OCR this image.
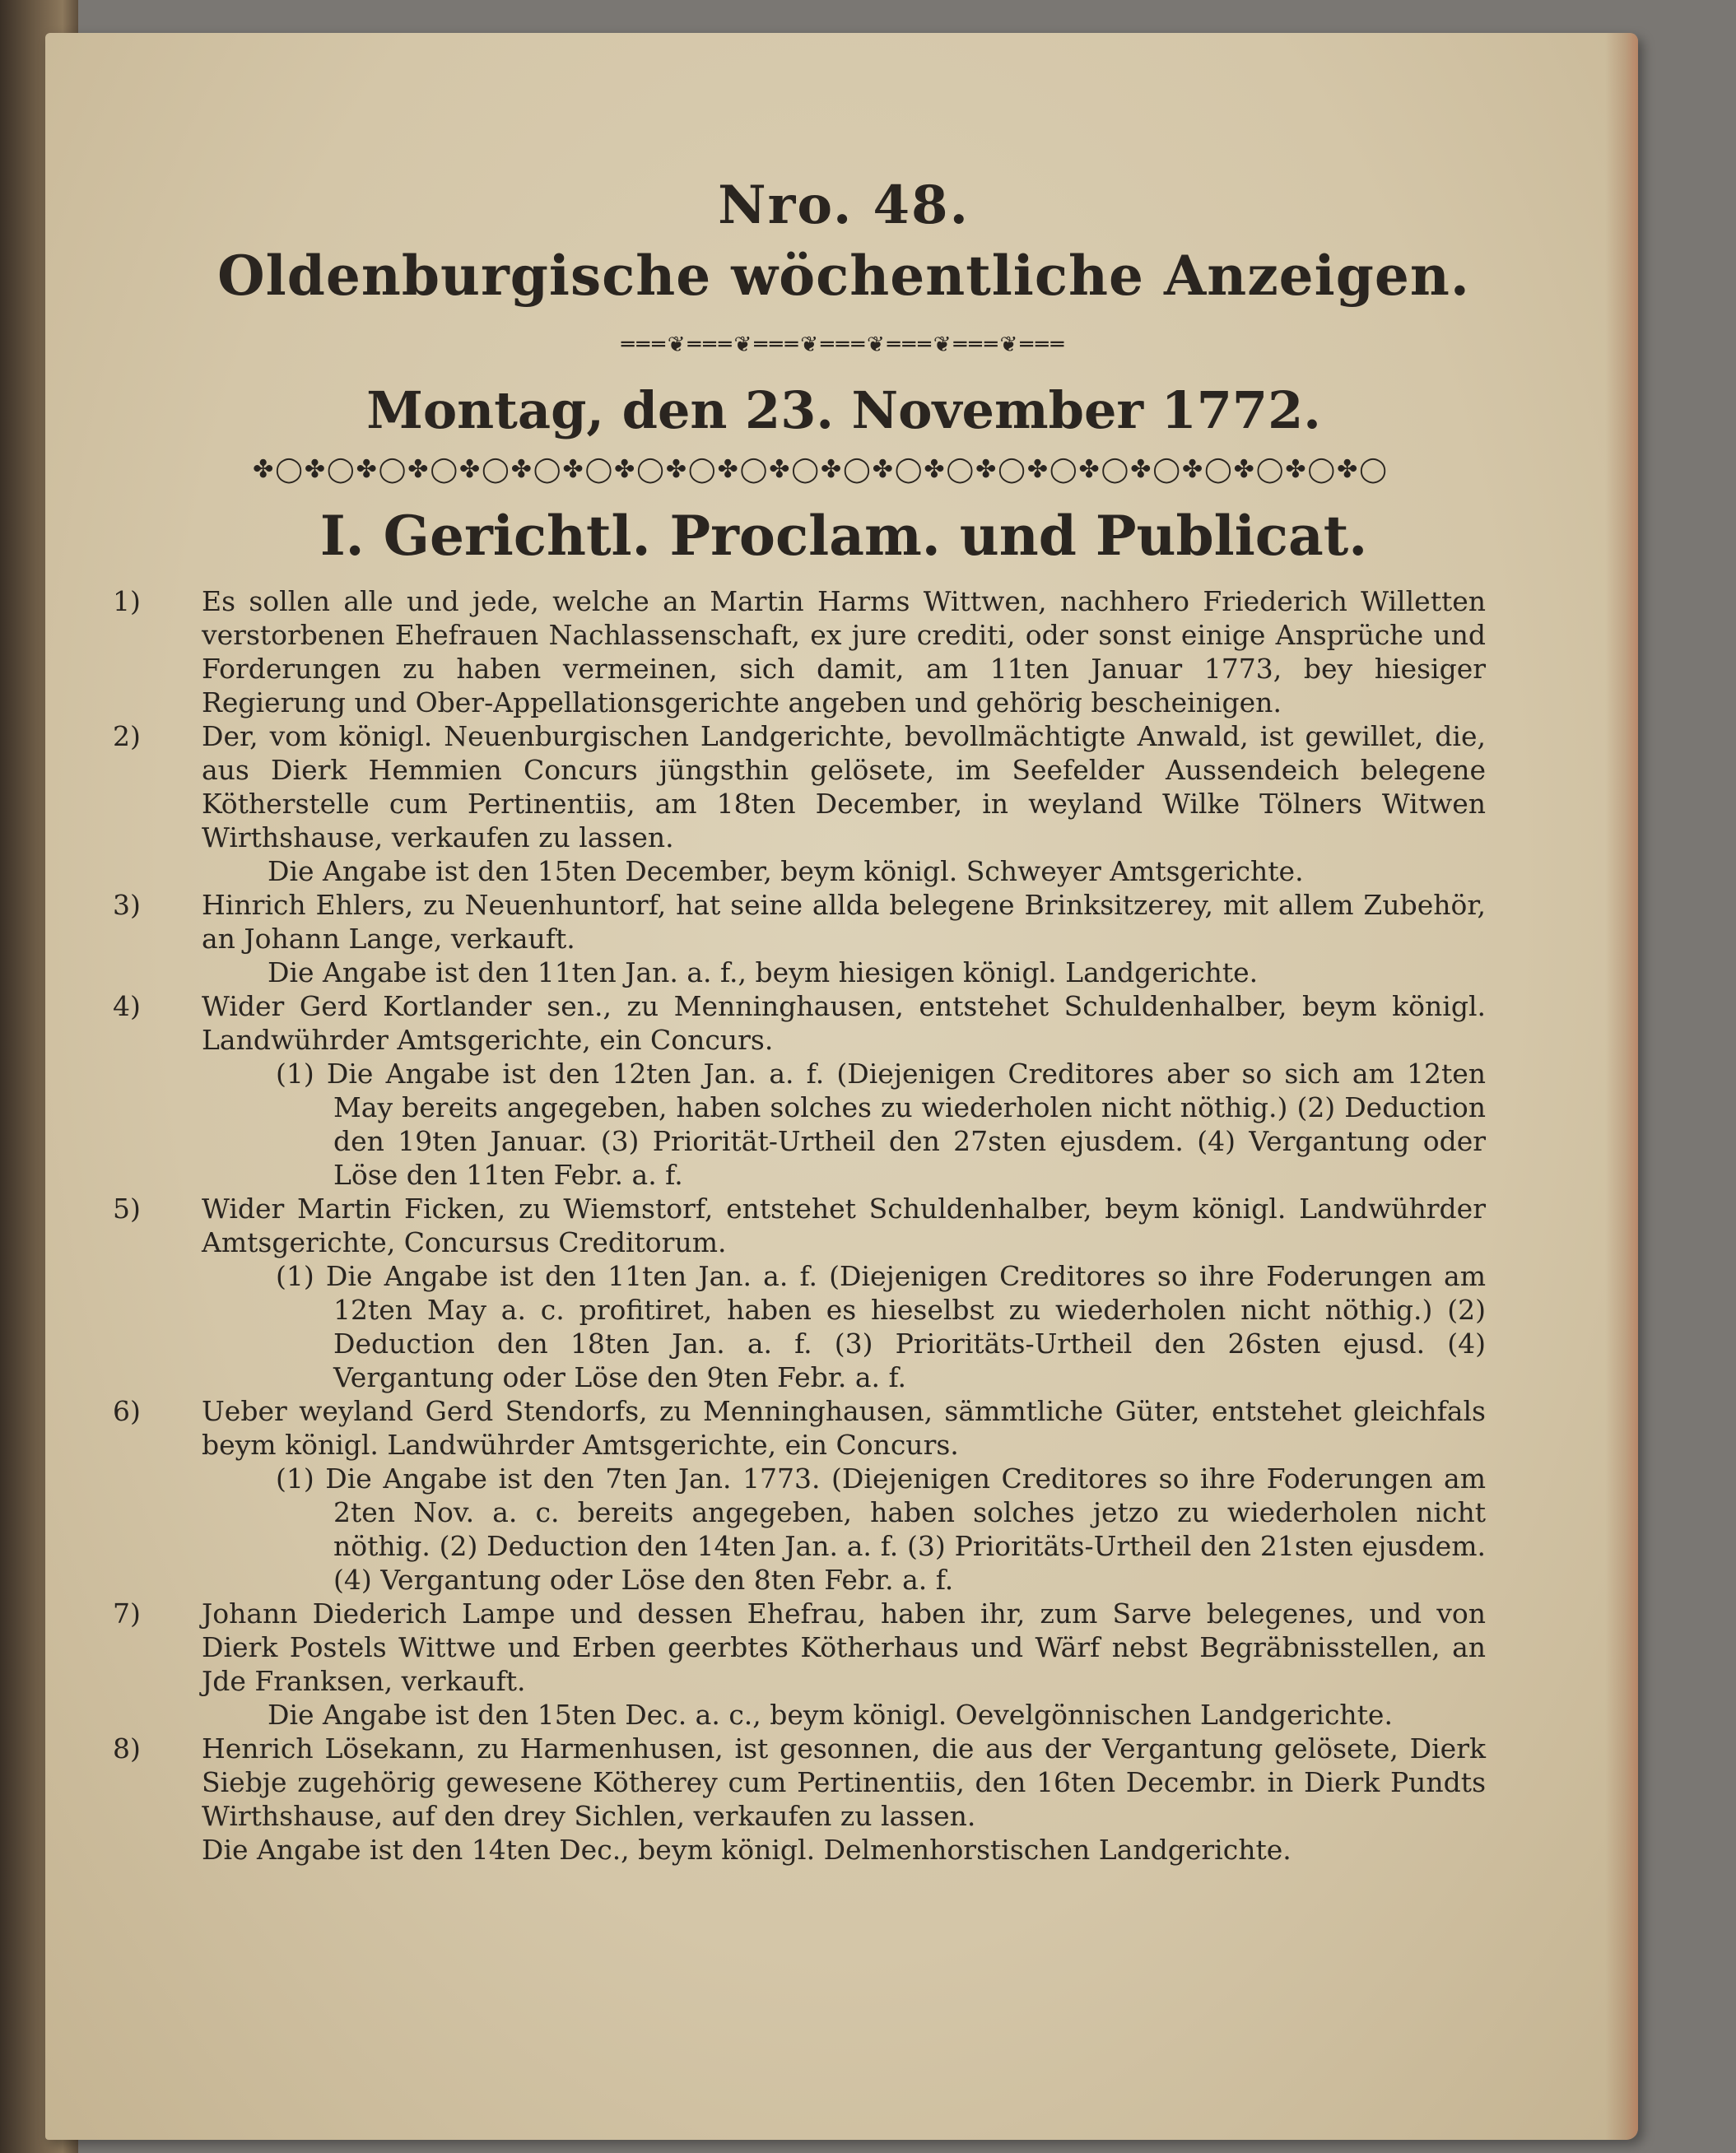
Nro. 48.
Oldenburgische wöchentliche Anzeigen.
═══❦═══❦═══❦═══❦═══❦═══❦═══
Montag, den 23. November 1772.
✤◯✤◯✤◯✤◯✤◯✤◯✤◯✤◯✤◯✤◯✤◯✤◯✤◯✤◯✤◯✤◯✤◯✤◯✤◯✤◯✤◯✤◯
I. Gerichtl. Proclam. und Publicat.
1)	Es sollen alle und jede, welche an Martin Harms Wittwen, nachhero Friederich Willetten verstorbenen Ehefrauen Nachlassenschaft, ex jure crediti, oder sonst einige Ansprüche und Forderungen zu haben vermeinen, sich damit, am 11ten Januar 1773, bey hiesiger Regierung und Ober-Appellationsgerichte angeben und gehörig bescheinigen.

2)	Der, vom königl. Neuenburgischen Landgerichte, bevollmächtigte Anwald, ist gewillet, die, aus Dierk Hemmien Concurs jüngsthin gelösete, im Seefelder Aussendeich belegene Kötherstelle cum Pertinentiis, am 18ten December, in weyland Wilke Tölners Witwen Wirthshause, verkaufen zu lassen.

Die Angabe ist den 15ten December, beym königl. Schweyer Amtsgerichte.

3)	Hinrich Ehlers, zu Neuenhuntorf, hat seine allda belegene Brinksitzerey, mit allem Zubehör, an Johann Lange, verkauft.

Die Angabe ist den 11ten Jan. a. f., beym hiesigen königl. Landgerichte.

4)	Wider Gerd Kortlander sen., zu Menninghausen, entstehet Schuldenhalber, beym königl. Landwührder Amtsgerichte, ein Concurs.

(1) Die Angabe ist den 12ten Jan. a. f. (Diejenigen Creditores aber so sich am 12ten May bereits angegeben, haben solches zu wiederholen nicht nöthig.) (2) Deduction den 19ten Januar. (3) Priorität-Urtheil den 27sten ejusdem. (4) Vergantung oder Löse den 11ten Febr. a. f.

5)	Wider Martin Ficken, zu Wiemstorf, entstehet Schuldenhalber, beym königl. Landwührder Amtsgerichte, Concursus Creditorum.

(1) Die Angabe ist den 11ten Jan. a. f. (Diejenigen Creditores so ihre Foderungen am 12ten May a. c. profitiret, haben es hieselbst zu wiederholen nicht nöthig.) (2) Deduction den 18ten Jan. a. f. (3) Prioritäts-Urtheil den 26sten ejusd. (4) Vergantung oder Löse den 9ten Febr. a. f.

6)	Ueber weyland Gerd Stendorfs, zu Menninghausen, sämmtliche Güter, entstehet gleichfals beym königl. Landwührder Amtsgerichte, ein Concurs.

(1) Die Angabe ist den 7ten Jan. 1773. (Diejenigen Creditores so ihre Foderungen am 2ten Nov. a. c. bereits angegeben, haben solches jetzo zu wiederholen nicht nöthig. (2) Deduction den 14ten Jan. a. f. (3) Prioritäts-Urtheil den 21sten ejusdem. (4) Vergantung oder Löse den 8ten Febr. a. f.

7)	Johann Diederich Lampe und dessen Ehefrau, haben ihr, zum Sarve belegenes, und von Dierk Postels Wittwe und Erben geerbtes Kötherhaus und Wärf nebst Begräbnisstellen, an Jde Franksen, verkauft.

Die Angabe ist den 15ten Dec. a. c., beym königl. Oevelgönnischen Landgerichte.

8)	Henrich Lösekann, zu Harmenhusen, ist gesonnen, die aus der Vergantung gelösete, Dierk Siebje zugehörig gewesene Kötherey cum Pertinentiis, den 16ten Decembr. in Dierk Pundts Wirthshause, auf den drey Sichlen, verkaufen zu lassen.

Die Angabe ist den 14ten Dec., beym königl. Delmenhorstischen Landgerichte.
